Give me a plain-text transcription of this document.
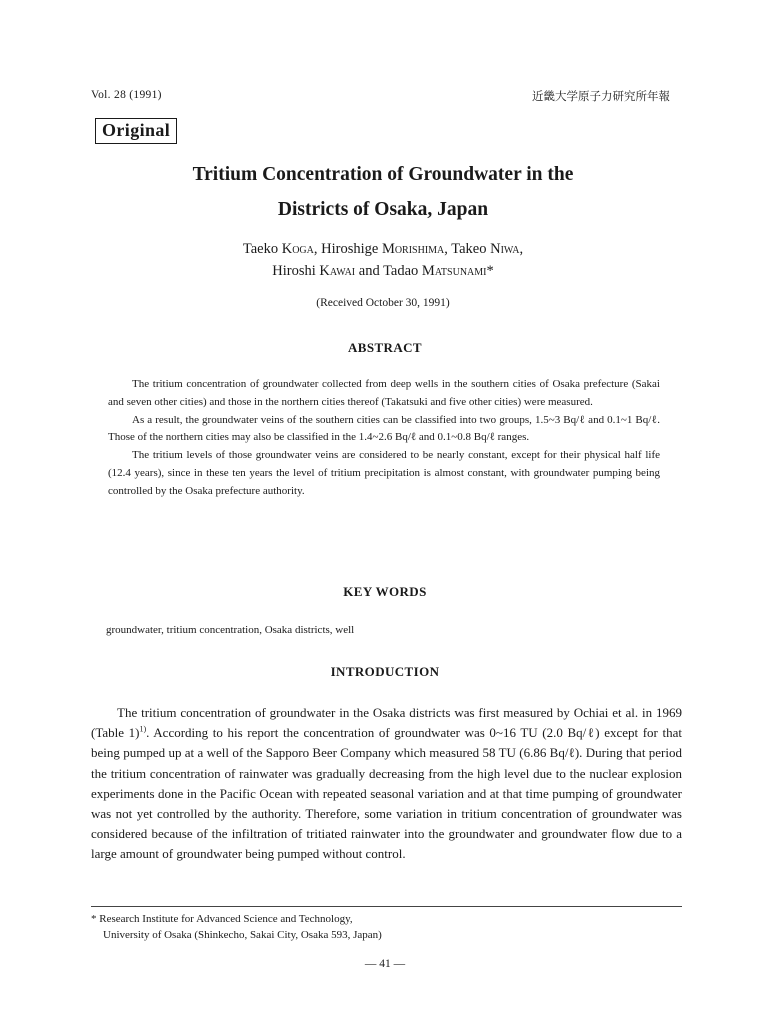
Vol. 28 (1991)	近畿大学原子力研究所年報
Original
Tritium Concentration of Groundwater in the
Districts of Osaka, Japan
Taeko Koga, Hiroshige Morishima, Takeo Niwa,
Hiroshi Kawai and Tadao Matsunami*
(Received October 30, 1991)
ABSTRACT

The tritium concentration of groundwater collected from deep wells in the southern cities of Osaka prefecture (Sakai and seven other cities) and those in the northern cities thereof (Takatsuki and five other cities) were measured.

As a result, the groundwater veins of the southern cities can be classified into two groups, 1.5~3 Bq/ℓ and 0.1~1 Bq/ℓ. Those of the northern cities may also be classified in the 1.4~2.6 Bq/ℓ and 0.1~0.8 Bq/ℓ ranges.

The tritium levels of those groundwater veins are considered to be nearly constant, except for their physical half life (12.4 years), since in these ten years the level of tritium precipitation is almost constant, with groundwater pumping being controlled by the Osaka prefecture authority.

KEY WORDS
groundwater, tritium concentration, Osaka districts, well
INTRODUCTION

The tritium concentration of groundwater in the Osaka districts was first measured by Ochiai et al. in 1969 (Table 1)$^{1)}$. According to his report the concentration of groundwater was 0~16 TU (2.0 Bq/ℓ) except for that being pumped up at a well of the Sapporo Beer Company which measured 58 TU (6.86 Bq/ℓ). During that period the tritium concentration of rainwater was gradually decreasing from the high level due to the nuclear explosion experiments done in the Pacific Ocean with repeated seasonal variation and at that time pumping of groundwater was not yet controlled by the authority. Therefore, some variation in tritium concentration of groundwater was considered because of the infiltration of tritiated rainwater into the groundwater and groundwater flow due to a large amount of groundwater being pumped without control.

* Research Institute for Advanced Science and Technology,
University of Osaka (Shinkecho, Sakai City, Osaka 593, Japan)
— 41 —
